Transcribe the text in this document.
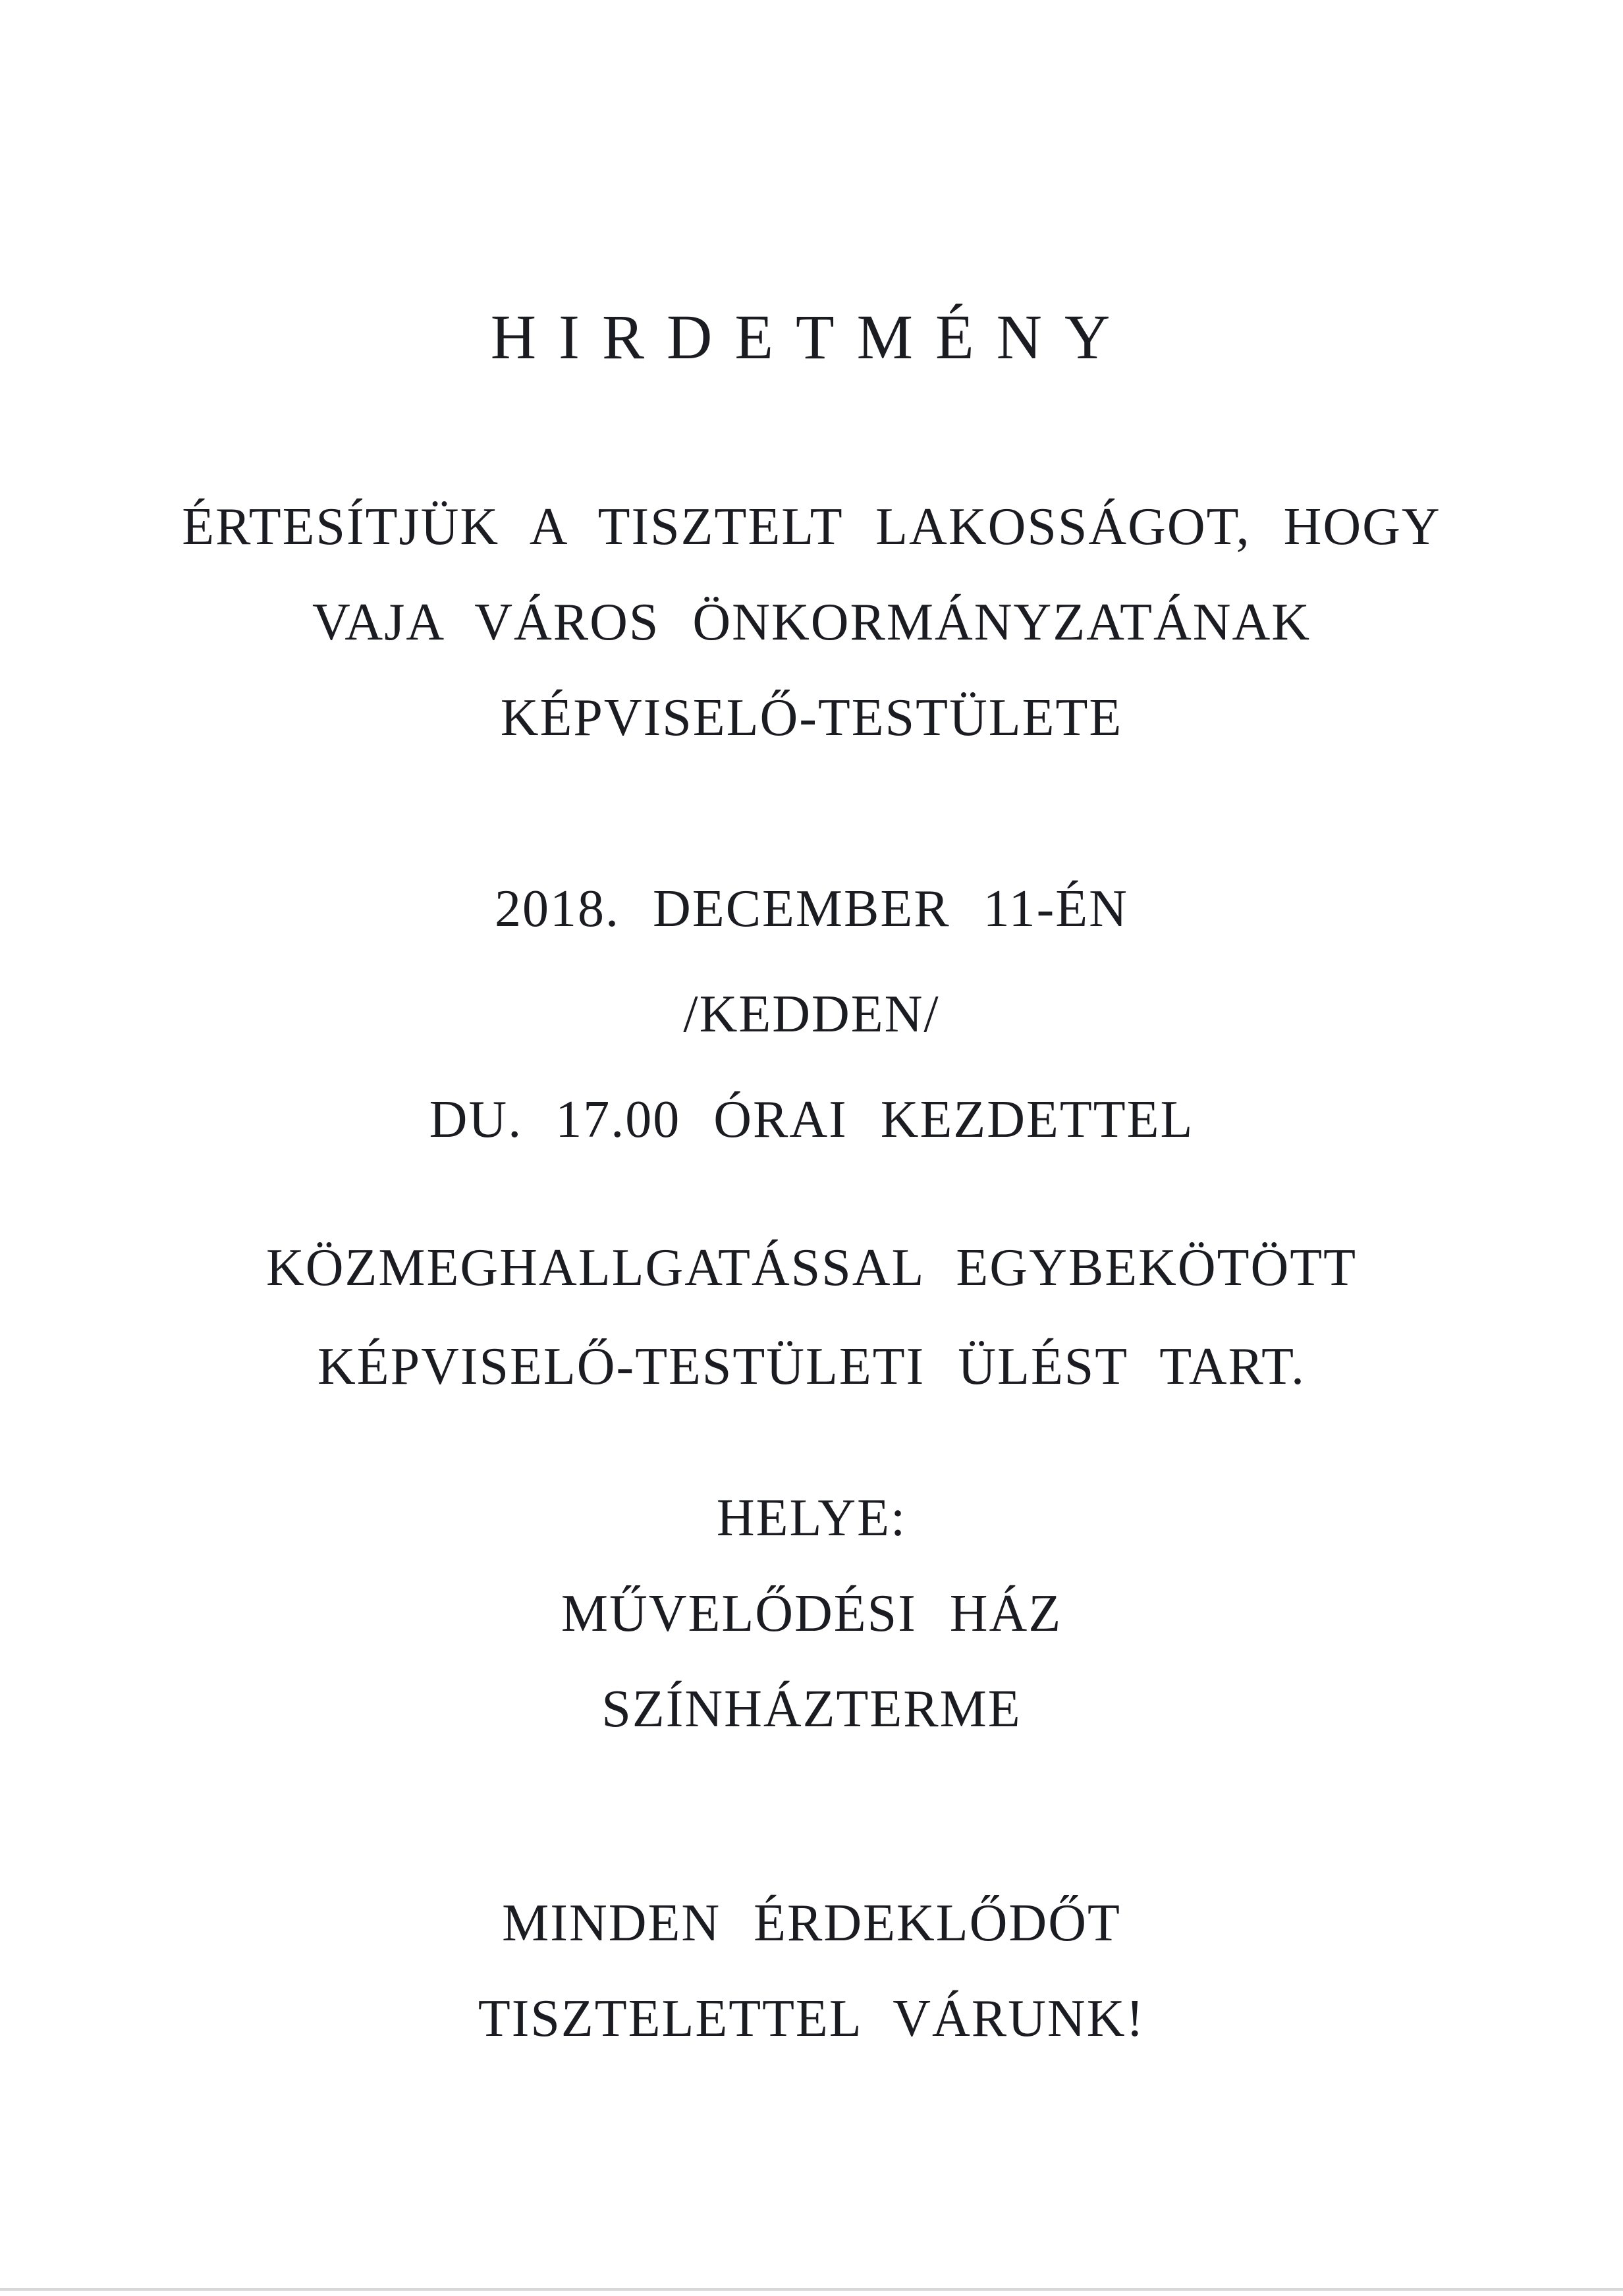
HIRDETMÉNY
ÉRTESÍTJÜK A TISZTELT LAKOSSÁGOT, HOGY
VAJA VÁROS ÖNKORMÁNYZATÁNAK
KÉPVISELŐ-TESTÜLETE
2018. DECEMBER 11-ÉN
/KEDDEN/
DU. 17.00 ÓRAI KEZDETTEL
KÖZMEGHALLGATÁSSAL EGYBEKÖTÖTT
KÉPVISELŐ-TESTÜLETI ÜLÉST TART.
HELYE:
MŰVELŐDÉSI HÁZ
SZÍNHÁZTERME
MINDEN ÉRDEKLŐDŐT
TISZTELETTEL VÁRUNK!
